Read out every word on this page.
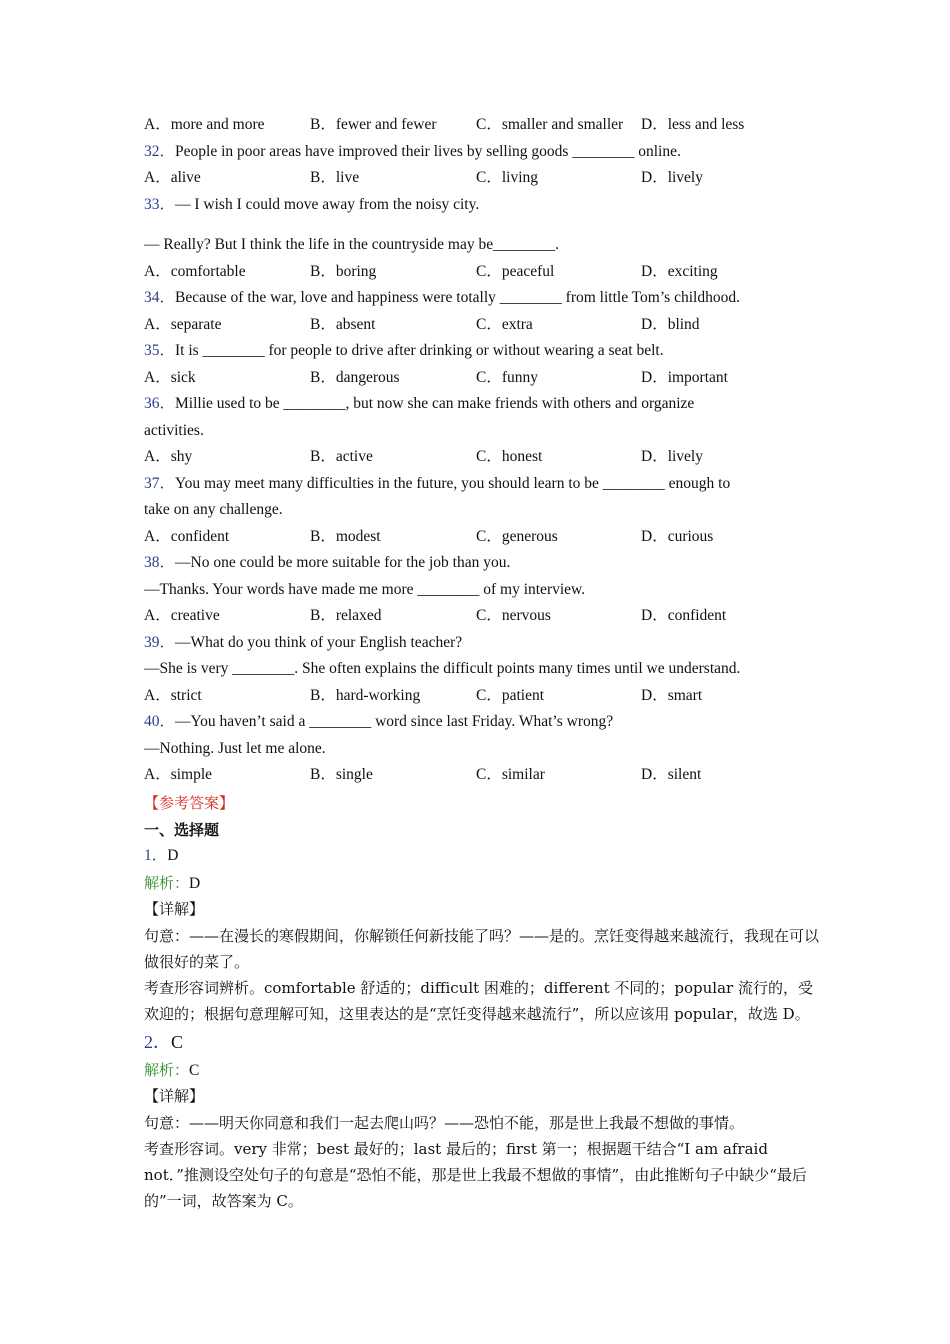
A．more and more	B．fewer and fewer	C．smaller and smaller D．less and less
32．People in poor areas have improved their lives by selling goods ________ online.
A．alive	B．live	C．living	D．lively
33．— I wish I could move away from the noisy city.
— Really? But I think the life in the countryside may be________.
A．comfortable	B．boring	C．peaceful	D．exciting
34．Because of the war, love and happiness were totally ________ from little Tom’s childhood.
A．separate	B．absent	C．extra	D．blind
35．It is ________ for people to drive after drinking or without wearing a seat belt.
A．sick	B．dangerous	C．funny	D．important
36．Millie used to be ________, but now she can make friends with others and organize
activities.
A．shy	B．active	C．honest	D．lively
37．You may meet many difficulties in the future, you should learn to be ________ enough to
take on any challenge.
A．confident	B．modest	C．generous	D．curious
38．—No one could be more suitable for the job than you.
—Thanks. Your words have made me more ________ of my interview.
A．creative	B．relaxed	C．nervous	D．confident
39．—What do you think of your English teacher?
—She is very ________. She often explains the difficult points many times until we understand.
A．strict	B．hard-working	C．patient	D．smart
40．—You haven’t said a ________ word since last Friday. What’s wrong?
—Nothing. Just let me alone.
A．simple	B．single	C．similar	D．silent
【参考答案】
一、选择题
1．D
解析：D
【详解】
句意：——在漫长的寒假期间，你解锁任何新技能了吗？——是的。烹饪变得越来越流行，我现在可以做很好的菜了。
考查形容词辨析。comfortable 舒适的；difficult 困难的；different 不同的；popular 流行的，受欢迎的；根据句意理解可知，这里表达的是“烹饪变得越来越流行”，所以应该用 popular，故选 D。
2．C
解析：C
【详解】
句意：——明天你同意和我们一起去爬山吗？——恐怕不能，那是世上我最不想做的事情。
考查形容词。very 非常；best 最好的；last 最后的；first 第一；根据题干结合“I am afraid not．”推测设空处句子的句意是“恐怕不能，那是世上我最不想做的事情”，由此推断句子中缺少“最后的”一词，故答案为 C。
